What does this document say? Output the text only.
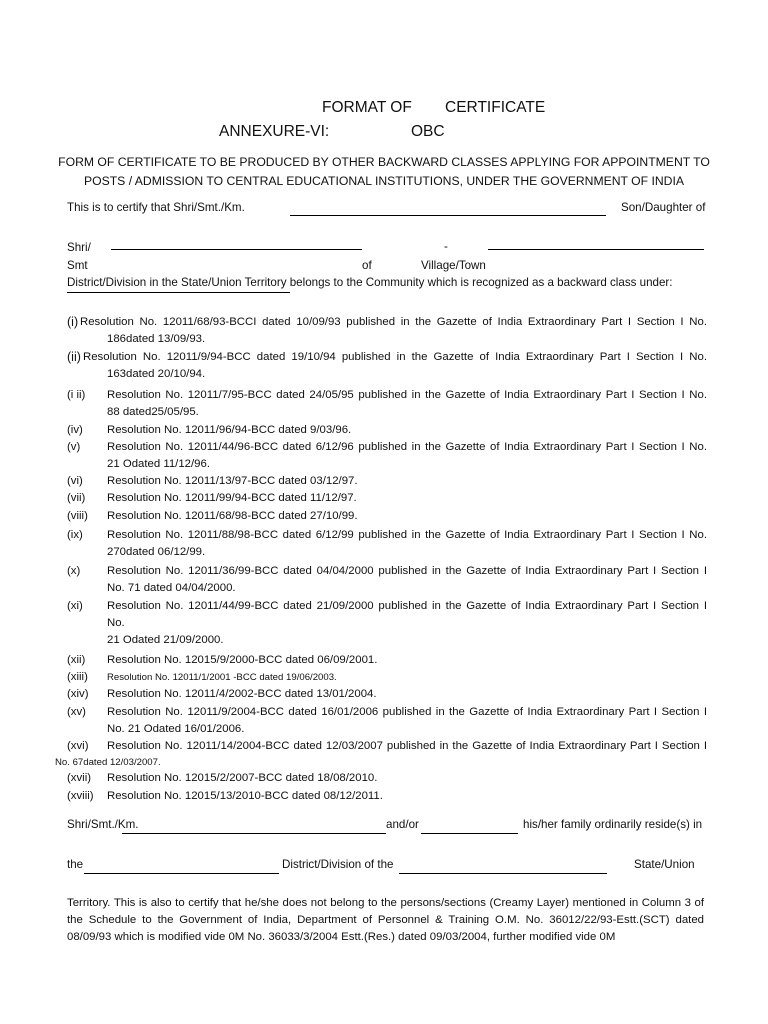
FORMAT OF CERTIFICATE
ANNEXURE-VI:	OBC
FORM OF CERTIFICATE TO BE PRODUCED BY OTHER BACKWARD CLASSES APPLYING FOR APPOINTMENT TO
POSTS / ADMISSION TO CENTRAL EDUCATIONAL INSTITUTIONS, UNDER THE GOVERNMENT OF INDIA
This is to certify that Shri/Smt./Km.	Son/Daughter of
Shri/	-
Smt	of	Village/Town
District/Division in the State/Union Territory belongs to the Community which is recognized as a backward class under:
(i) Resolution No. 12011/68/93-BCCI dated 10/09/93 published in the Gazette of India Extraordinary Part I Section I No.
186dated 13/09/93.
(ii) Resolution No. 12011/9/94-BCC dated 19/10/94 published in the Gazette of India Extraordinary Part I Section I No.
163dated 20/10/94.
(i ii) Resolution No. 12011/7/95-BCC dated 24/05/95 published in the Gazette of India Extraordinary Part I Section I No.
88 dated25/05/95.
(iv) Resolution No. 12011/96/94-BCC dated 9/03/96.
(v) Resolution No. 12011/44/96-BCC dated 6/12/96 published in the Gazette of India Extraordinary Part I Section I No.
21 Odated 11/12/96.
(vi) Resolution No. 12011/13/97-BCC dated 03/12/97.
(vii) Resolution No. 12011/99/94-BCC dated 11/12/97.
(viii) Resolution No. 12011/68/98-BCC dated 27/10/99.
(ix) Resolution No. 12011/88/98-BCC dated 6/12/99 published in the Gazette of India Extraordinary Part I Section I No.
270dated 06/12/99.
(x) Resolution No. 12011/36/99-BCC dated 04/04/2000 published in the Gazette of India Extraordinary Part I Section I
No. 71 dated 04/04/2000.
(xi) Resolution No. 12011/44/99-BCC dated 21/09/2000 published in the Gazette of India Extraordinary Part I Section I
No.
21 Odated 21/09/2000.
(xii) Resolution No. 12015/9/2000-BCC dated 06/09/2001.
(xiii) Resolution No. 12011/1/2001 -BCC dated 19/06/2003.
(xiv) Resolution No. 12011/4/2002-BCC dated 13/01/2004.
(xv) Resolution No. 12011/9/2004-BCC dated 16/01/2006 published in the Gazette of India Extraordinary Part I Section I
No. 21 Odated 16/01/2006.
(xvi) Resolution No. 12011/14/2004-BCC dated 12/03/2007 published in the Gazette of India Extraordinary Part I Section I
No. 67dated 12/03/2007.
(xvii) Resolution No. 12015/2/2007-BCC dated 18/08/2010.
(xviii) Resolution No. 12015/13/2010-BCC dated 08/12/2011.
Shri/Smt./Km.	and/or	his/her family ordinarily reside(s) in
the	District/Division of the	State/Union
Territory. This is also to certify that he/she does not belong to the persons/sections (Creamy Layer) mentioned in Column 3 of the Schedule to the Government of India, Department of Personnel & Training O.M. No. 36012/22/93-Estt.(SCT) dated 08/09/93 which is modified vide 0M No. 36033/3/2004 Estt.(Res.) dated 09/03/2004, further modified vide 0M
